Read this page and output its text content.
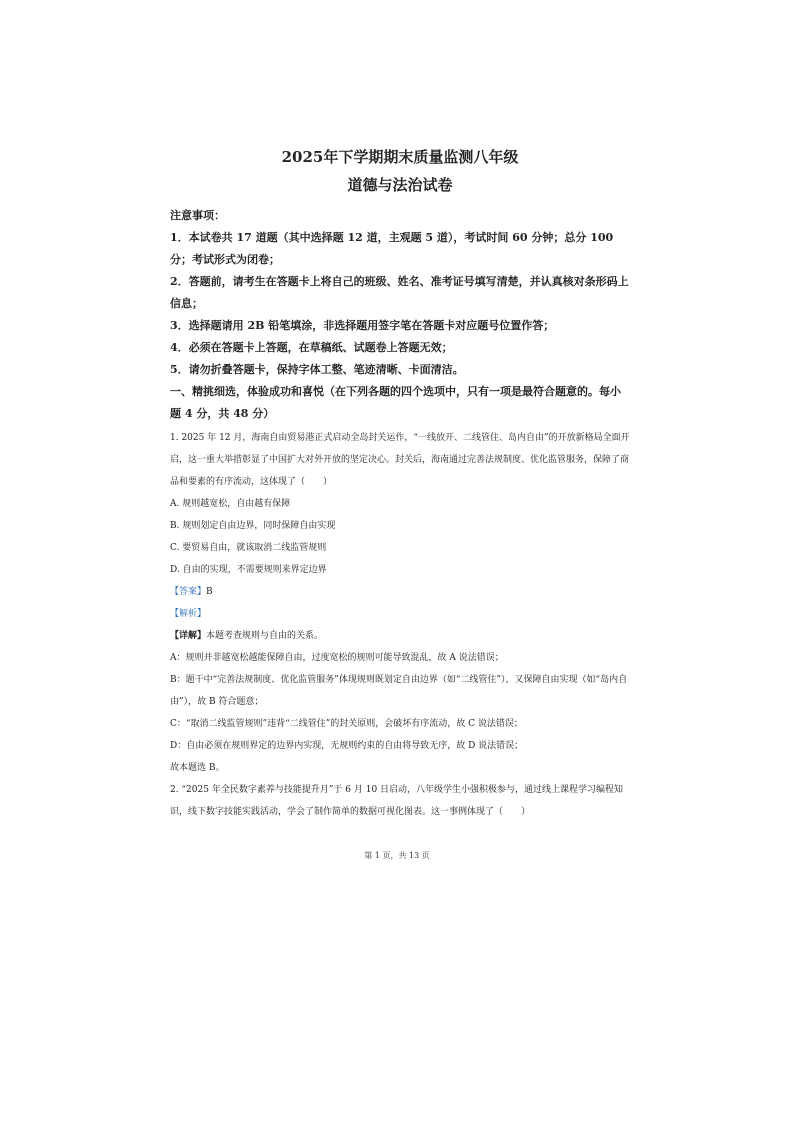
2025年下学期期末质量监测八年级

道德与法治试卷

注意事项：

1．本试卷共 17 道题（其中选择题 12 道，主观题 5 道），考试时间 60 分钟；总分 100 分；考试形式为闭卷；

2．答题前，请考生在答题卡上将自己的班级、姓名、准考证号填写清楚，并认真核对条形码上信息；

3．选择题请用 2B 铅笔填涂，非选择题用签字笔在答题卡对应题号位置作答；

4．必须在答题卡上答题，在草稿纸、试题卷上答题无效；

5．请勿折叠答题卡，保持字体工整、笔迹清晰、卡面清洁。

一、精挑细选，体验成功和喜悦（在下列各题的四个选项中，只有一项是最符合题意的。每小题 4 分，共 48 分）

1. 2025 年 12 月，海南自由贸易港正式启动全岛封关运作，“一线放开、二线管住、岛内自由”的开放新格局全面开启，这一重大举措彰显了中国扩大对外开放的坚定决心。封关后，海南通过完善法规制度、优化监管服务，保障了商品和要素的有序流动，这体现了（　　）

A. 规则越宽松，自由越有保障

B. 规则划定自由边界，同时保障自由实现

C. 要贸易自由，就该取消二线监管规则

D. 自由的实现，不需要规则来界定边界

【答案】B

【解析】

【详解】本题考查规则与自由的关系。

A：规则并非越宽松越能保障自由，过度宽松的规则可能导致混乱，故 A 说法错误；

B：题干中“完善法规制度、优化监管服务”体现规则既划定自由边界（如“二线管住”），又保障自由实现（如“岛内自由”），故 B 符合题意；

C：“取消二线监管规则”违背“二线管住”的封关原则，会破坏有序流动，故 C 说法错误；

D：自由必须在规则界定的边界内实现，无规则约束的自由将导致无序，故 D 说法错误；

故本题选 B。

2. “2025 年全民数字素养与技能提升月”于 6 月 10 日启动，八年级学生小强积极参与，通过线上课程学习编程知识，线下数字技能实践活动，学会了制作简单的数据可视化图表。这一事例体现了（　　）

第 1 页，共 13 页
